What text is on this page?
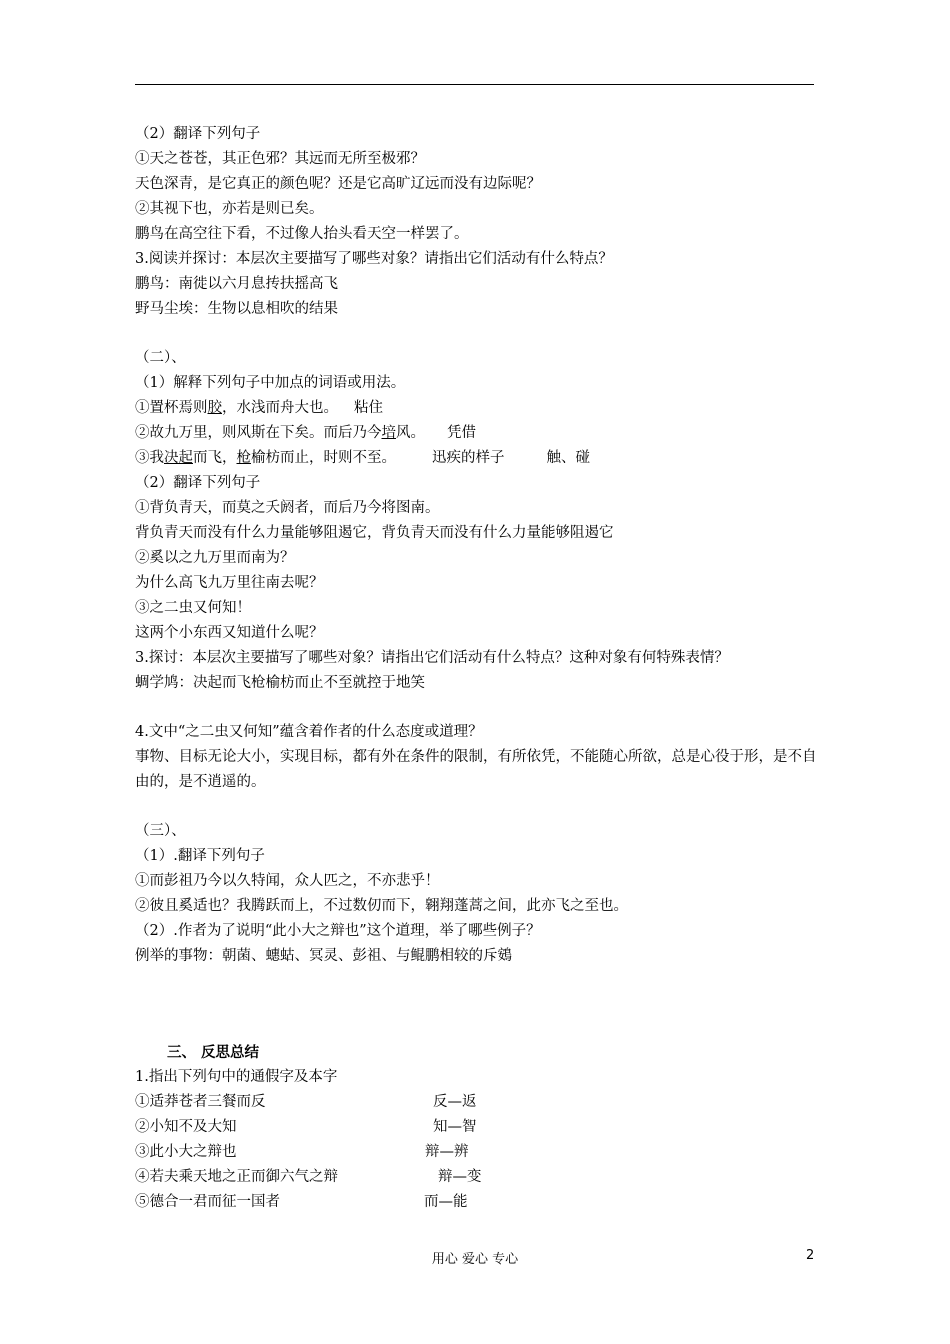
（2）翻译下列句子
①天之苍苍，其正色邪？其远而无所至极邪？
天色深青，是它真正的颜色呢？还是它高旷辽远而没有边际呢？
②其视下也，亦若是则已矣。
鹏鸟在高空往下看，不过像人抬头看天空一样罢了。
3.阅读并探讨：本层次主要描写了哪些对象？请指出它们活动有什么特点？
鹏鸟：南徙以六月息抟扶摇高飞
野马尘埃：生物以息相吹的结果
（二）、
（1）解释下列句子中加点的词语或用法。
①置杯焉则胶，水浅而舟大也。 粘住
②故九万里，则风斯在下矣。而后乃今培风。 凭借
③我决起而飞，枪榆枋而止，时则不至。 迅疾的样子	触、碰
（2）翻译下列句子
①背负青天，而莫之夭阏者，而后乃今将图南。
背负青天而没有什么力量能够阻遏它，背负青天而没有什么力量能够阻遏它
②奚以之九万里而南为？
为什么高飞九万里往南去呢？
③之二虫又何知！
这两个小东西又知道什么呢？
3.探讨：本层次主要描写了哪些对象？请指出它们活动有什么特点？这种对象有何特殊表情？
蜩学鸠：决起而飞枪榆枋而止不至就控于地笑
4.文中“之二虫又何知”蕴含着作者的什么态度或道理？
事物、目标无论大小，实现目标，都有外在条件的限制，有所依凭，不能随心所欲，总是心役于形，是不自由的，是不逍遥的。
（三）、
（1）.翻译下列句子
①而彭祖乃今以久特闻，众人匹之，不亦悲乎！
②彼且奚适也？我腾跃而上，不过数仞而下，翱翔蓬蒿之间，此亦飞之至也。
（2）.作者为了说明“此小大之辩也”这个道理，举了哪些例子？
例举的事物：朝菌、蟪蛄、冥灵、彭祖、与鲲鹏相较的斥鴳
三、 反思总结
1.指出下列句中的通假字及本字
①适莽苍者三餐而反	反—返
②小知不及大知	知—智
③此小大之辩也	辩—辨
④若夫乘天地之正而御六气之辩	辩—变
⑤德合一君而征一国者	而—能
用心 爱心 专心	2
